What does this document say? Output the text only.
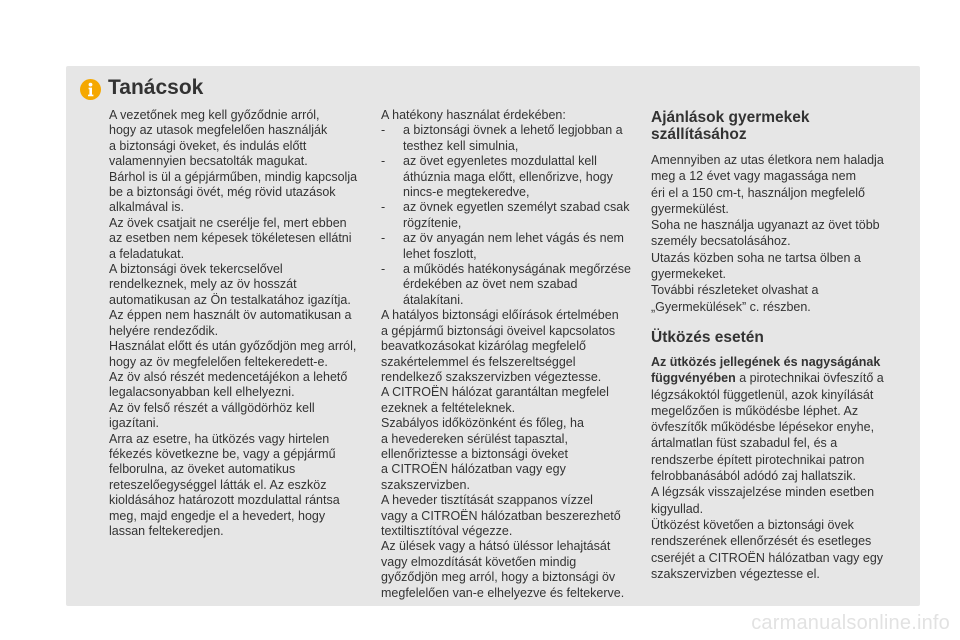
Tanácsok
A vezetőnek meg kell győződnie arról,
hogy az utasok megfelelően használják
a biztonsági öveket, és indulás előtt
valamennyien becsatolták magukat.
Bárhol is ül a gépjárműben, mindig kapcsolja
be a biztonsági övét, még rövid utazások
alkalmával is.
Az övek csatjait ne cserélje fel, mert ebben
az esetben nem képesek tökéletesen ellátni
a feladatukat.
A biztonsági övek tekercselővel
rendelkeznek, mely az öv hosszát
automatikusan az Ön testalkatához igazítja.
Az éppen nem használt öv automatikusan a
helyére rendeződik.
Használat előtt és után győződjön meg arról,
hogy az öv megfelelően feltekeredett-e.
Az öv alsó részét medencetájékon a lehető
legalacsonyabban kell elhelyezni.
Az öv felső részét a vállgödörhöz kell
igazítani.
Arra az esetre, ha ütközés vagy hirtelen
fékezés következne be, vagy a gépjármű
felborulna, az öveket automatikus
reteszelőegységgel látták el. Az eszköz
kioldásához határozott mozdulattal rántsa
meg, majd engedje el a hevedert, hogy
lassan feltekeredjen.
A hatékony használat érdekében:
- a biztonsági övnek a lehető legjobban a
testhez kell simulnia,
- az övet egyenletes mozdulattal kell
áthúznia maga előtt, ellenőrizve, hogy
nincs-e megtekeredve,
- az övnek egyetlen személyt szabad csak
rögzítenie,
- az öv anyagán nem lehet vágás és nem
lehet foszlott,
- a működés hatékonyságának megőrzése
érdekében az övet nem szabad
átalakítani.
A hatályos biztonsági előírások értelmében
a gépjármű biztonsági öveivel kapcsolatos
beavatkozásokat kizárólag megfelelő
szakértelemmel és felszereltséggel
rendelkező szakszervizben végeztesse.
A CITROËN hálózat garantáltan megfelel
ezeknek a feltételeknek.
Szabályos időközönként és főleg, ha
a hevedereken sérülést tapasztal,
ellenőriztesse a biztonsági öveket
a CITROËN hálózatban vagy egy
szakszervizben.
A heveder tisztítását szappanos vízzel
vagy a CITROËN hálózatban beszerezhető
textiltisztítóval végezze.
Az ülések vagy a hátsó üléssor lehajtását
vagy elmozdítását követően mindig
győződjön meg arról, hogy a biztonsági öv
megfelelően van-e elhelyezve és feltekerve.
Ajánlások gyermekek
szállításához
Amennyiben az utas életkora nem haladja
meg a 12 évet vagy magassága nem
éri el a 150 cm-t, használjon megfelelő
gyermekülést.
Soha ne használja ugyanazt az övet több
személy becsatolásához.
Utazás közben soha ne tartsa ölben a
gyermekeket.
További részleteket olvashat a
„Gyermekülések” c. részben.
Ütközés esetén
Az ütközés jellegének és nagyságának
függvényében a pirotechnikai övfeszítő a
légzsákoktól függetlenül, azok kinyílását
megelőzően is működésbe léphet. Az
övfeszítők működésbe lépésekor enyhe,
ártalmatlan füst szabadul fel, és a
rendszerbe épített pirotechnikai patron
felrobbanásából adódó zaj hallatszik.
A légzsák visszajelzése minden esetben
kigyullad.
Ütközést követően a biztonsági övek
rendszerének ellenőrzését és esetleges
cseréjét a CITROËN hálózatban vagy egy
szakszervizben végeztesse el.
carmanualsonline.info
